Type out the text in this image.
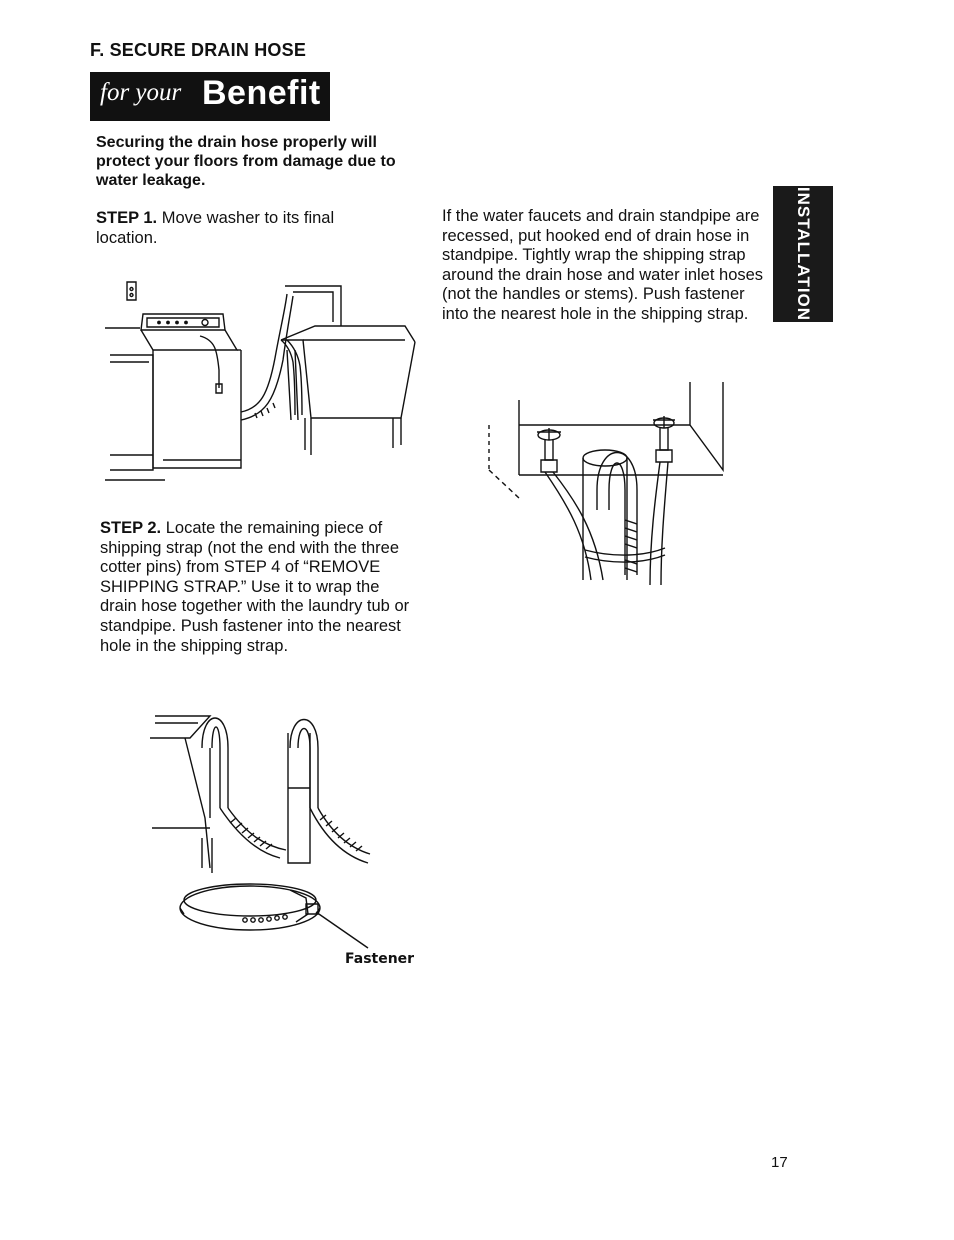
F. SECURE DRAIN HOSE
for your Benefit
Securing the drain hose properly will protect your floors from damage due to water leakage.
STEP 1. Move washer to its final location.
STEP 2. Locate the remaining piece of shipping strap (not the end with the three cotter pins) from STEP 4 of “REMOVE SHIPPING STRAP.” Use it to wrap the drain hose together with the laundry tub or standpipe. Push fastener into the nearest hole in the shipping strap.
If the water faucets and drain standpipe are recessed, put hooked end of drain hose in standpipe. Tightly wrap the shipping strap around the drain hose and water inlet hoses (not the handles or stems). Push fastener into the nearest hole in the shipping strap.	INSTALLATION
Fastener
17
